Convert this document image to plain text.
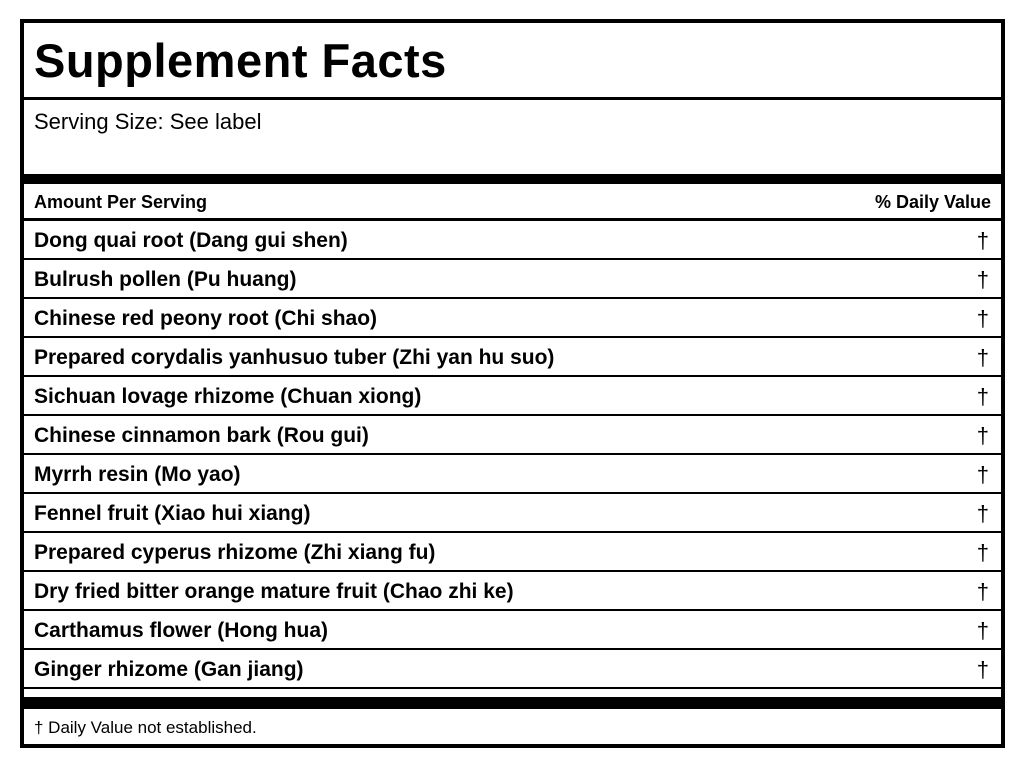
Supplement Facts
Serving Size: See label
Amount Per Serving	% Daily Value
Dong quai root (Dang gui shen)	†
Bulrush pollen (Pu huang)	†
Chinese red peony root (Chi shao)	†
Prepared corydalis yanhusuo tuber (Zhi yan hu suo)	†
Sichuan lovage rhizome (Chuan xiong)	†
Chinese cinnamon bark (Rou gui)	†
Myrrh resin (Mo yao)	†
Fennel fruit (Xiao hui xiang)	†
Prepared cyperus rhizome (Zhi xiang fu)	†
Dry fried bitter orange mature fruit (Chao zhi ke)	†
Carthamus flower (Hong hua)	†
Ginger rhizome (Gan jiang)	†
† Daily Value not established.
